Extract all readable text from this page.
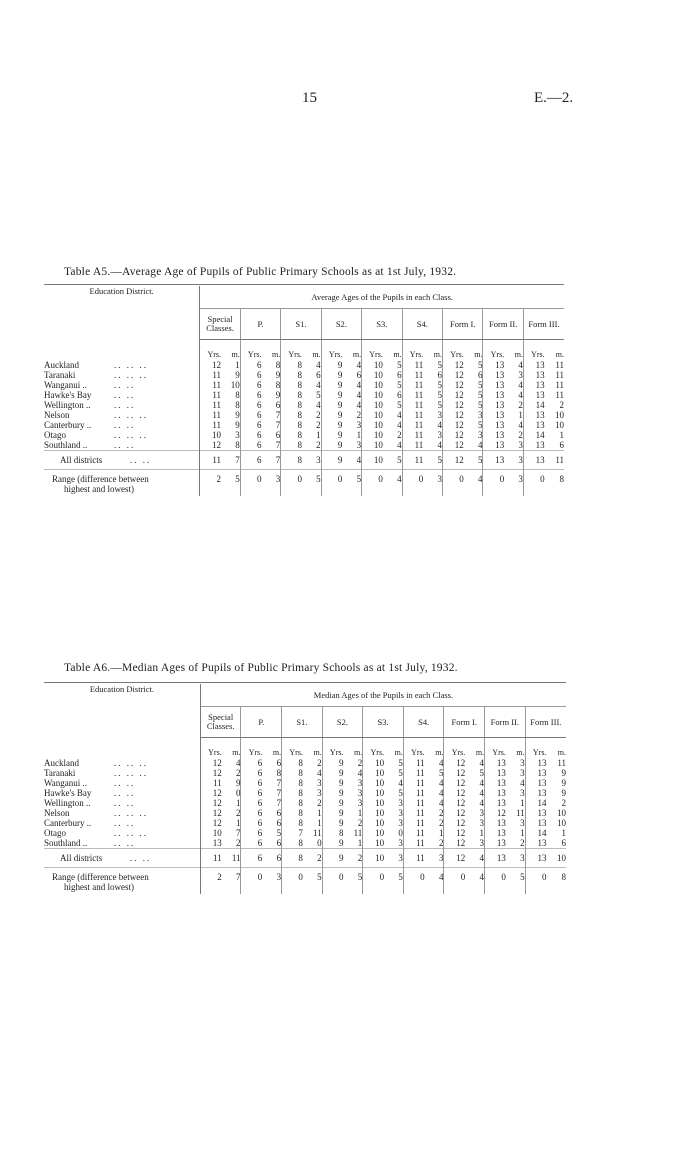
15	E.—2.
Table A5.—Average Age of Pupils of Public Primary Schools as at 1st July, 1932.

Education District.	Average Ages of the Pupils in each Class.																	
	Special Classes.		P.		S1.		S2.		S3.		S4.		Form I.		Form II.		Form III.	
	Yrs.	m.	Yrs.	m.	Yrs.	m.	Yrs.	m.	Yrs.	m.	Yrs.	m.	Yrs.	m.	Yrs.	m.	Yrs.	m.
Auckland .. .. ..	12	1	6	8	8	4	9	4	10	5	11	5	12	5	13	4	13	11
Taranaki .. .. ..	11	9	6	9	8	6	9	6	10	6	11	6	12	6	13	3	13	11
Wanganui .. .. ..	11	10	6	8	8	4	9	4	10	5	11	5	12	5	13	4	13	11
Hawke's Bay .. ..	11	8	6	9	8	5	9	4	10	6	11	5	12	5	13	4	13	11
Wellington .. .. ..	11	8	6	6	8	4	9	4	10	5	11	5	12	5	13	2	14	2
Nelson .. .. ..	11	9	6	7	8	2	9	2	10	4	11	3	12	3	13	1	13	10
Canterbury .. .. ..	11	9	6	7	8	2	9	3	10	4	11	4	12	5	13	4	13	10
Otago .. .. ..	10	3	6	6	8	1	9	1	10	2	11	3	12	3	13	2	14	1
Southland .. .. ..	12	8	6	7	8	2	9	3	10	4	11	4	12	4	13	3	13	6
All districts .. ..	11	7	6	7	8	3	9	4	10	5	11	5	12	5	13	3	13	11

Range (difference between
highest and lowest)	2	5	0	3	0	5	0	5	0	4	0	3	0	4	0	3	0	8
Table A6.—Median Ages of Pupils of Public Primary Schools as at 1st July, 1932.

Education District.	Median Ages of the Pupils in each Class.																	
	Special Classes.		P.		S1.		S2.		S3.		S4.		Form I.		Form II.		Form III.	
	Yrs.	m.	Yrs.	m.	Yrs.	m.	Yrs.	m.	Yrs.	m.	Yrs.	m.	Yrs.	m.	Yrs.	m.	Yrs.	m.
Auckland .. .. ..	12	4	6	6	8	2	9	2	10	5	11	4	12	4	13	3	13	11
Taranaki .. .. ..	12	2	6	8	8	4	9	4	10	5	11	5	12	5	13	3	13	9
Wanganui .. .. ..	11	9	6	7	8	3	9	3	10	4	11	4	12	4	13	4	13	9
Hawke's Bay .. ..	12	0	6	7	8	3	9	3	10	5	11	4	12	4	13	3	13	9
Wellington .. .. ..	12	1	6	7	8	2	9	3	10	3	11	4	12	4	13	1	14	2
Nelson .. .. ..	12	2	6	6	8	1	9	1	10	3	11	2	12	3	12	11	13	10
Canterbury .. .. ..	12	1	6	6	8	1	9	2	10	3	11	2	12	3	13	3	13	10
Otago .. .. ..	10	7	6	5	7	11	8	11	10	0	11	1	12	1	13	1	14	1
Southland .. .. ..	13	2	6	6	8	0	9	1	10	3	11	2	12	3	13	2	13	6
All districts .. ..	11	11	6	6	8	2	9	2	10	3	11	3	12	4	13	3	13	10

Range (difference between
highest and lowest)	2	7	0	3	0	5	0	5	0	5	0	4	0	4	0	5	0	8
